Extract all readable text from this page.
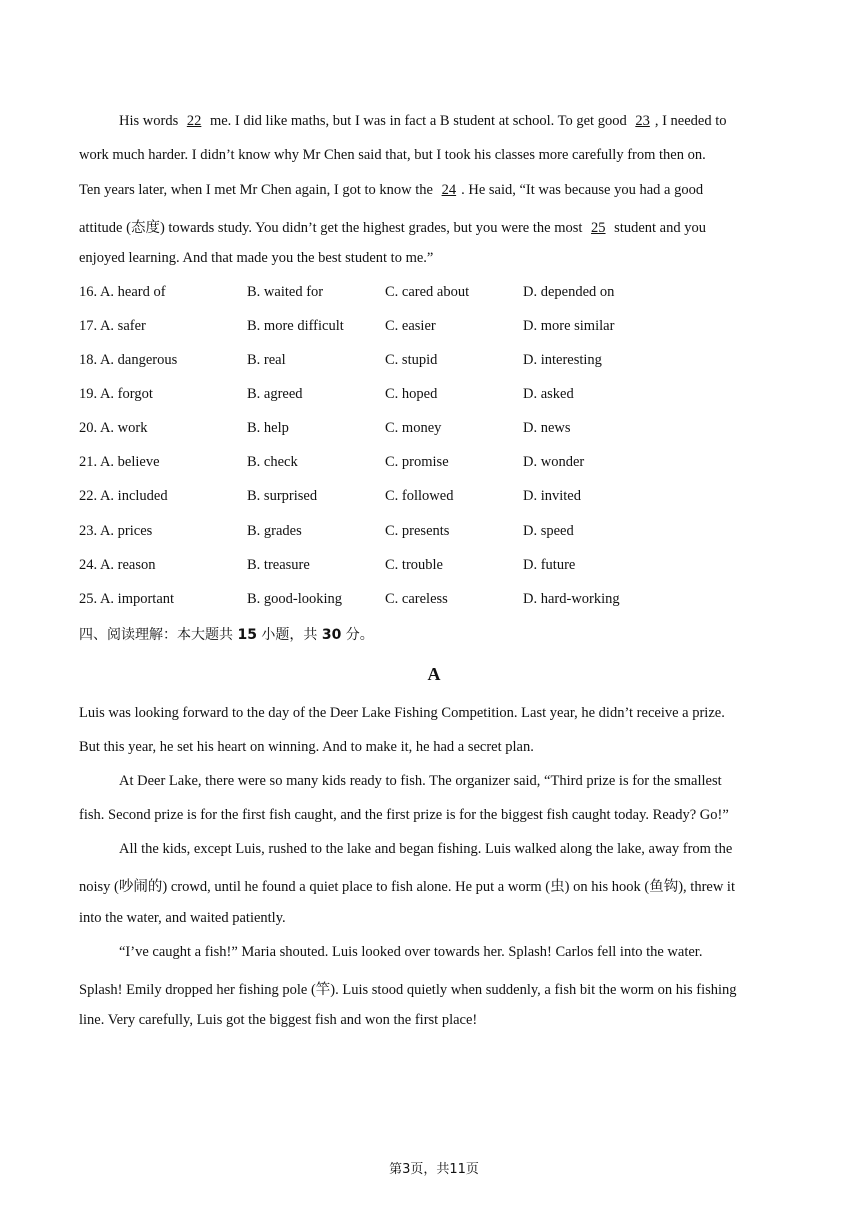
His words 22 me. I did like maths, but I was in fact a B student at school. To get good 23 , I needed to
work much harder. I didn’t know why Mr Chen said that, but I took his classes more carefully from then on.
Ten years later, when I met Mr Chen again, I got to know the 24 . He said, “It was because you had a good
attitude (态度) towards study. You didn’t get the highest grades, but you were the most 25 student and you
enjoyed learning. And that made you the best student to me.”
16. A. heard of	B. waited for	C. cared about	D. depended on
17. A. safer	B. more difficult	C. easier	D. more similar
18. A. dangerous	B. real	C. stupid	D. interesting
19. A. forgot	B. agreed	C. hoped	D. asked
20. A. work	B. help	C. money	D. news
21. A. believe	B. check	C. promise	D. wonder
22. A. included	B. surprised	C. followed	D. invited
23. A. prices	B. grades	C. presents	D. speed
24. A. reason	B. treasure	C. trouble	D. future
25. A. important	B. good-looking	C. careless	D. hard-working
四、阅读理解：本大题共 15 小题，共 30 分。
A
Luis was looking forward to the day of the Deer Lake Fishing Competition. Last year, he didn’t receive a prize.
But this year, he set his heart on winning. And to make it, he had a secret plan.
At Deer Lake, there were so many kids ready to fish. The organizer said, “Third prize is for the smallest
fish. Second prize is for the first fish caught, and the first prize is for the biggest fish caught today. Ready? Go!”
All the kids, except Luis, rushed to the lake and began fishing. Luis walked along the lake, away from the
noisy (吵闹的) crowd, until he found a quiet place to fish alone. He put a worm (虫) on his hook (鱼钩), threw it
into the water, and waited patiently.
“I’ve caught a fish!” Maria shouted. Luis looked over towards her. Splash! Carlos fell into the water.
Splash! Emily dropped her fishing pole (竿). Luis stood quietly when suddenly, a fish bit the worm on his fishing
line. Very carefully, Luis got the biggest fish and won the first place!
第3页，共11页
